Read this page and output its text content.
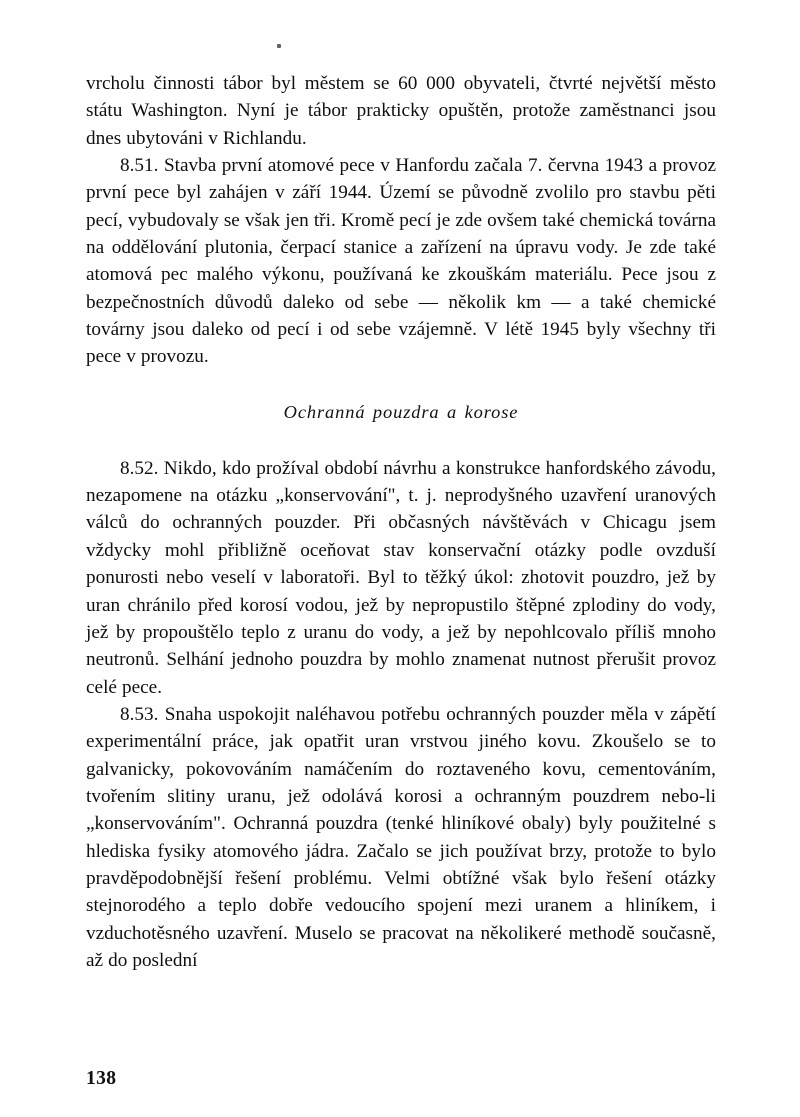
vrcholu činnosti tábor byl městem se 60 000 obyvateli, čtvrté největší město státu Washington. Nyní je tábor prakticky opuštěn, protože zaměstnanci jsou dnes ubytováni v Richlandu.

8.51. Stavba první atomové pece v Hanfordu začala 7. června 1943 a provoz první pece byl zahájen v září 1944. Území se původně zvolilo pro stavbu pěti pecí, vybudovaly se však jen tři. Kromě pecí je zde ovšem také chemická továrna na oddělování plutonia, čerpací stanice a zařízení na úpravu vody. Je zde také atomová pec malého výkonu, používaná ke zkouškám materiálu. Pece jsou z bezpečnostních důvodů daleko od sebe — několik km — a také chemické továrny jsou daleko od pecí i od sebe vzájemně. V létě 1945 byly všechny tři pece v provozu.

Ochranná pouzdra a korose

8.52. Nikdo, kdo prožíval období návrhu a konstrukce hanfordského závodu, nezapomene na otázku „konservování", t. j. neprodyšného uzavření uranových válců do ochranných pouzder. Při občasných návštěvách v Chicagu jsem vždycky mohl přibližně oceňovat stav konservační otázky podle ovzduší ponurosti nebo veselí v laboratoři. Byl to těžký úkol: zhotovit pouzdro, jež by uran chránilo před korosí vodou, jež by nepropustilo štěpné zplodiny do vody, jež by propouštělo teplo z uranu do vody, a jež by nepohlcovalo příliš mnoho neutronů. Selhání jednoho pouzdra by mohlo znamenat nutnost přerušit provoz celé pece.

8.53. Snaha uspokojit naléhavou potřebu ochranných pouzder měla v zápětí experimentální práce, jak opatřit uran vrstvou jiného kovu. Zkoušelo se to galvanicky, pokovováním namáčením do roztaveného kovu, cementováním, tvořením slitiny uranu, jež odolává korosi a ochranným pouzdrem nebo-li „konservováním". Ochranná pouzdra (tenké hliníkové obaly) byly použitelné s hlediska fysiky atomového jádra. Začalo se jich používat brzy, protože to bylo pravděpodobnější řešení problému. Velmi obtížné však bylo řešení otázky stejnorodého a teplo dobře vedoucího spojení mezi uranem a hliníkem, i vzduchotěsného uzavření. Muselo se pracovat na několikeré methodě současně, až do poslední

138
